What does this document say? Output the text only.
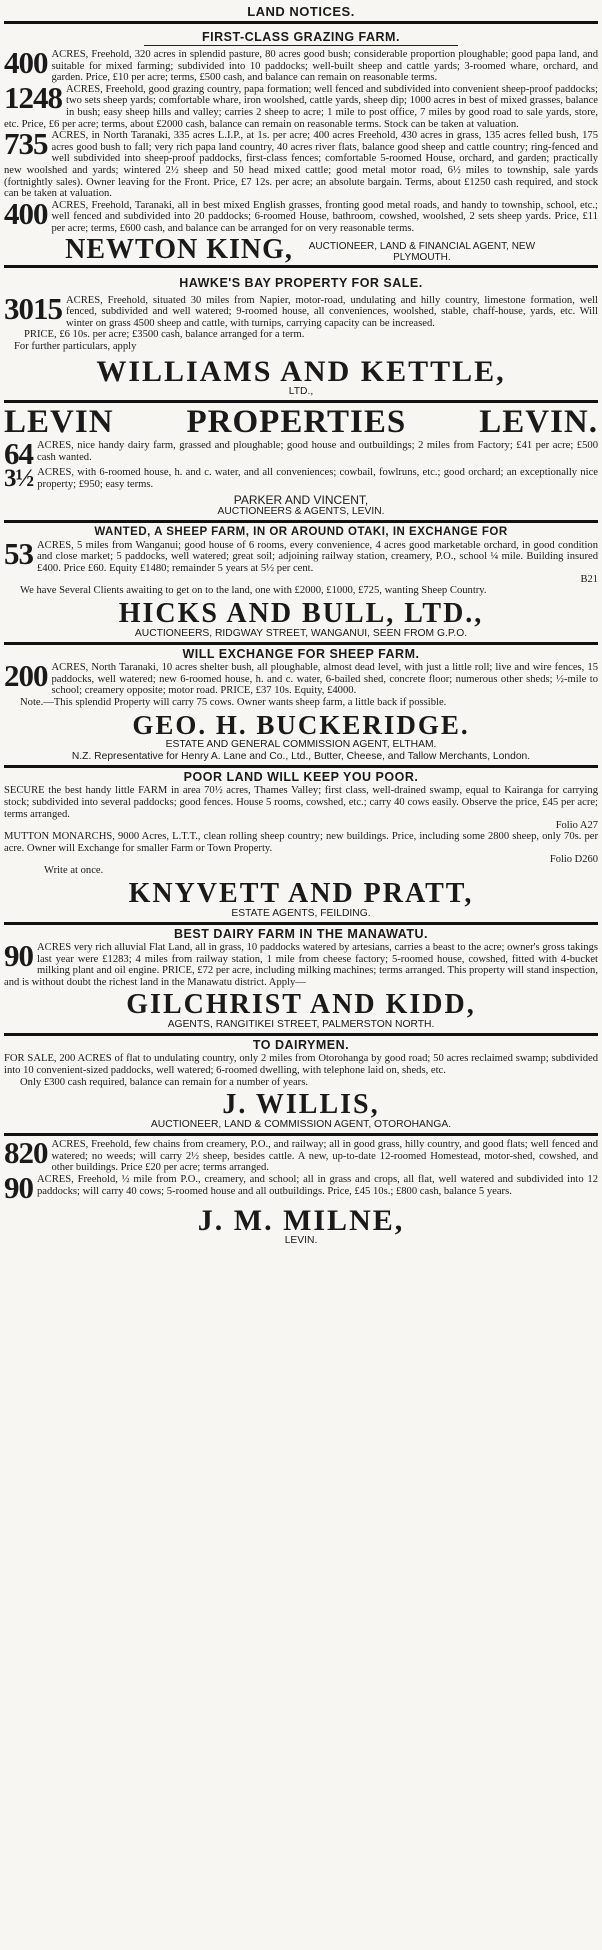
LAND NOTICES.
FIRST-CLASS GRAZING FARM.
400 ACRES, Freehold, 320 acres in splendid pasture, 80 acres good bush; considerable proportion ploughable; good papa land, and suitable for mixed farming; subdivided into 10 paddocks; well-built sheep and cattle yards; 3-roomed whare, orchard, and garden. Price, £10 per acre; terms, £500 cash, and balance can remain on reasonable terms.
1248 ACRES, Freehold, good grazing country, papa formation; well fenced and subdivided into convenient sheep-proof paddocks; two sets sheep yards; comfortable whare, iron woolshed, cattle yards, sheep dip; 1000 acres in best of mixed grasses, balance in bush; easy sheep hills and valley; carries 2 sheep to acre; 1 mile to post office, 7 miles by good road to sale yards, store, etc. Price, £6 per acre; terms, about £2000 cash, balance can remain on reasonable terms. Stock can be taken at valuation.
735 ACRES, in North Taranaki, 335 acres L.I.P., at 1s. per acre; 400 acres Freehold, 430 acres in grass, 135 acres felled bush, 175 acres good bush to fall; very rich papa land country, 40 acres river flats, balance good sheep and cattle country; ring-fenced and well subdivided into sheep-proof paddocks, first-class fences; comfortable 5-roomed House, orchard, and garden; practically new woolshed and yards; wintered 2½ sheep and 50 head mixed cattle; good metal motor road, 6½ miles to township, sale yards (fortnightly sales). Owner leaving for the Front. Price, £7 12s. per acre; an absolute bargain. Terms, about £1250 cash required, and stock can be taken at valuation.
400 ACRES, Freehold, Taranaki, all in best mixed English grasses, fronting good metal roads, and handy to township, school, etc.; well fenced and subdivided into 20 paddocks; 6-roomed House, bathroom, cowshed, woolshed, 2 sets sheep yards. Price, £11 per acre; terms, £600 cash, and balance can be arranged for on very reasonable terms.
NEWTON KING, AUCTIONEER, LAND & FINANCIAL AGENT, NEW PLYMOUTH.
HAWKE'S BAY PROPERTY FOR SALE.
3015 ACRES, Freehold, situated 30 miles from Napier, motor-road, undulating and hilly country, limestone formation, well fenced, subdivided and well watered; 9-roomed house, all conveniences, woolshed, stable, chaff-house, yards, etc. Will winter on grass 4500 sheep and cattle, with turnips, carrying capacity can be increased.
PRICE, £6 10s. per acre; £3500 cash, balance arranged for a term.
For further particulars, apply
WILLIAMS AND KETTLE,
LTD.,
LEVIN PROPERTIES LEVIN.
64 ACRES, nice handy dairy farm, grassed and ploughable; good house and outbuildings; 2 miles from Factory; £41 per acre; £500 cash wanted.
3½ ACRES, with 6-roomed house, h. and c. water, and all conveniences; cowbail, fowlruns, etc.; good orchard; an exceptionally nice property; £950; easy terms.
PARKER AND VINCENT,
AUCTIONEERS & AGENTS, LEVIN.
WANTED, A SHEEP FARM, IN OR AROUND OTAKI, IN EXCHANGE FOR
53 ACRES, 5 miles from Wanganui; good house of 6 rooms, every convenience, 4 acres good marketable orchard, in good condition and close market; 5 paddocks, well watered; great soil; adjoining railway station, creamery, P.O., school ¼ mile. Building insured £400. Price £60. Equity £1480; remainder 5 years at 5½ per cent.
B21
We have Several Clients awaiting to get on to the land, one with £2000, £1000, £725, wanting Sheep Country.
HICKS AND BULL, LTD.,
AUCTIONEERS, RIDGWAY STREET, WANGANUI, SEEN FROM G.P.O.
WILL EXCHANGE FOR SHEEP FARM.
200 ACRES, North Taranaki, 10 acres shelter bush, all ploughable, almost dead level, with just a little roll; live and wire fences, 15 paddocks, well watered; new 6-roomed house, h. and c. water, 6-bailed shed, concrete floor; numerous other sheds; ½-mile to school; creamery opposite; motor road. PRICE, £37 10s. Equity, £4000.
Note.—This splendid Property will carry 75 cows. Owner wants sheep farm, a little back if possible.
GEO. H. BUCKERIDGE.
ESTATE AND GENERAL COMMISSION AGENT, ELTHAM.
N.Z. Representative for Henry A. Lane and Co., Ltd., Butter, Cheese, and Tallow Merchants, London.
POOR LAND WILL KEEP YOU POOR.
SECURE the best handy little FARM in area 70½ acres, Thames Valley; first class, well-drained swamp, equal to Kairanga for carrying stock; subdivided into several paddocks; good fences. House 5 rooms, cowshed, etc.; carry 40 cows easily. Observe the price, £45 per acre; terms arranged.
Folio A27
MUTTON MONARCHS, 9000 Acres, L.T.T., clean rolling sheep country; new buildings. Price, including some 2800 sheep, only 70s. per acre. Owner will Exchange for smaller Farm or Town Property.
Folio D260
Write at once.
KNYVETT AND PRATT,
ESTATE AGENTS, FEILDING.
BEST DAIRY FARM IN THE MANAWATU.
90 ACRES very rich alluvial Flat Land, all in grass, 10 paddocks watered by artesians, carries a beast to the acre; owner's gross takings last year were £1283; 4 miles from railway station, 1 mile from cheese factory; 5-roomed house, cowshed, fitted with 4-bucket milking plant and oil engine. PRICE, £72 per acre, including milking machines; terms arranged. This property will stand inspection, and is without doubt the richest land in the Manawatu district. Apply—
GILCHRIST AND KIDD,
AGENTS, RANGITIKEI STREET, PALMERSTON NORTH.
TO DAIRYMEN.
FOR SALE, 200 ACRES of flat to undulating country, only 2 miles from Otorohanga by good road; 50 acres reclaimed swamp; subdivided into 10 convenient-sized paddocks, well watered; 6-roomed dwelling, with telephone laid on, sheds, etc.
Only £300 cash required, balance can remain for a number of years.
J. WILLIS,
AUCTIONEER, LAND & COMMISSION AGENT, OTOROHANGA.
820 ACRES, Freehold, few chains from creamery, P.O., and railway; all in good grass, hilly country, and good flats; well fenced and watered; no weeds; will carry 2½ sheep, besides cattle. A new, up-to-date 12-roomed Homestead, motor-shed, cowshed, and other buildings. Price £20 per acre; terms arranged.
90 ACRES, Freehold, ½ mile from P.O., creamery, and school; all in grass and crops, all flat, well watered and subdivided into 12 paddocks; will carry 40 cows; 5-roomed house and all outbuildings. Price, £45 10s.; £800 cash, balance 5 years.
J. M. MILNE,
LEVIN.
